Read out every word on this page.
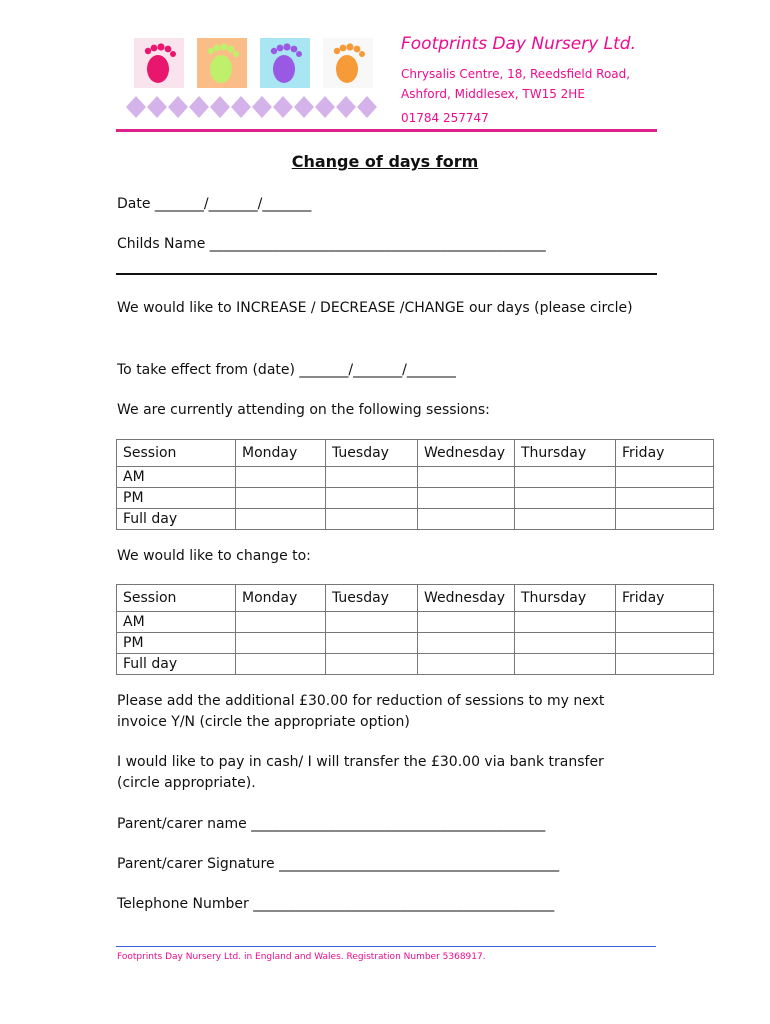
Footprints Day Nursery Ltd.
Chrysalis Centre, 18, Reedsfield Road,
Ashford, Middlesex, TW15 2HE
01784 257747
Change of days form
Date _______/_______/_______
Childs Name ________________________________________________
We would like to INCREASE / DECREASE /CHANGE our days (please circle)
To take effect from (date) _______/_______/_______
We are currently attending on the following sessions:
Session	Monday	Tuesday	Wednesday	Thursday	Friday
AM					
PM					
Full day					
We would like to change to:
Session	Monday	Tuesday	Wednesday	Thursday	Friday
AM					
PM					
Full day					
Please add the additional £30.00 for reduction of sessions to my next invoice Y/N (circle the appropriate option)
I would like to pay in cash/ I will transfer the £30.00 via bank transfer (circle appropriate).
Parent/carer name __________________________________________
Parent/carer Signature ________________________________________
Telephone Number ___________________________________________
Footprints Day Nursery Ltd. in England and Wales. Registration Number 5368917.
